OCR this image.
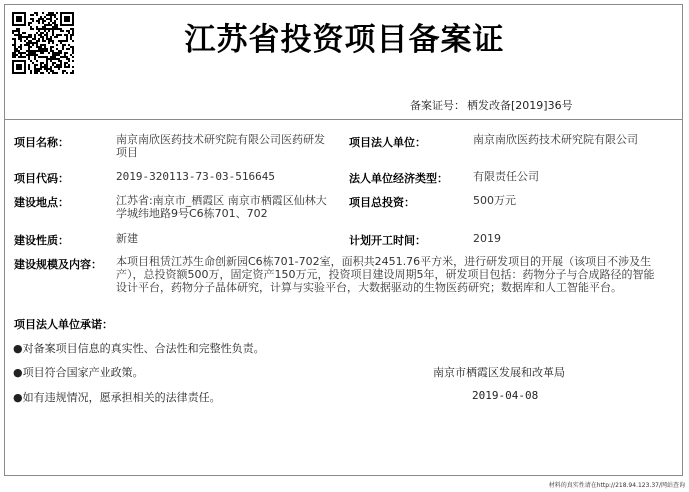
江苏省投资项目备案证
备案证号： 栖发改备[2019]36号
项目名称：	南京南欣医药技术研究院有限公司医药研发项目
项目法人单位：	南京南欣医药技术研究院有限公司
项目代码：	2019-320113-73-03-516645	法人单位经济类型： 有限责任公司
建设地点：	江苏省:南京市_栖霞区 南京市栖霞区仙林大学城纬地路9号C6栋701、702
项目总投资：	500万元
建设性质：	新建	计划开工时间：	2019
建设规模及内容： 本项目租赁江苏生命创新园C6栋701-702室，面积共2451.76平方米，进行研发项目的开展（该项目不涉及生产），总投资额500万，固定资产150万元，投资项目建设周期5年，研发项目包括：药物分子与合成路径的智能设计平台，药物分子晶体研究，计算与实验平台，大数据驱动的生物医药研究；数据库和人工智能平台。
项目法人单位承诺：
●对备案项目信息的真实性、合法性和完整性负责。
●项目符合国家产业政策。
●如有违规情况，愿承担相关的法律责任。
南京市栖霞区发展和改革局
2019-04-08
材料的真实性请在http://218.94.123.37/网站查询
